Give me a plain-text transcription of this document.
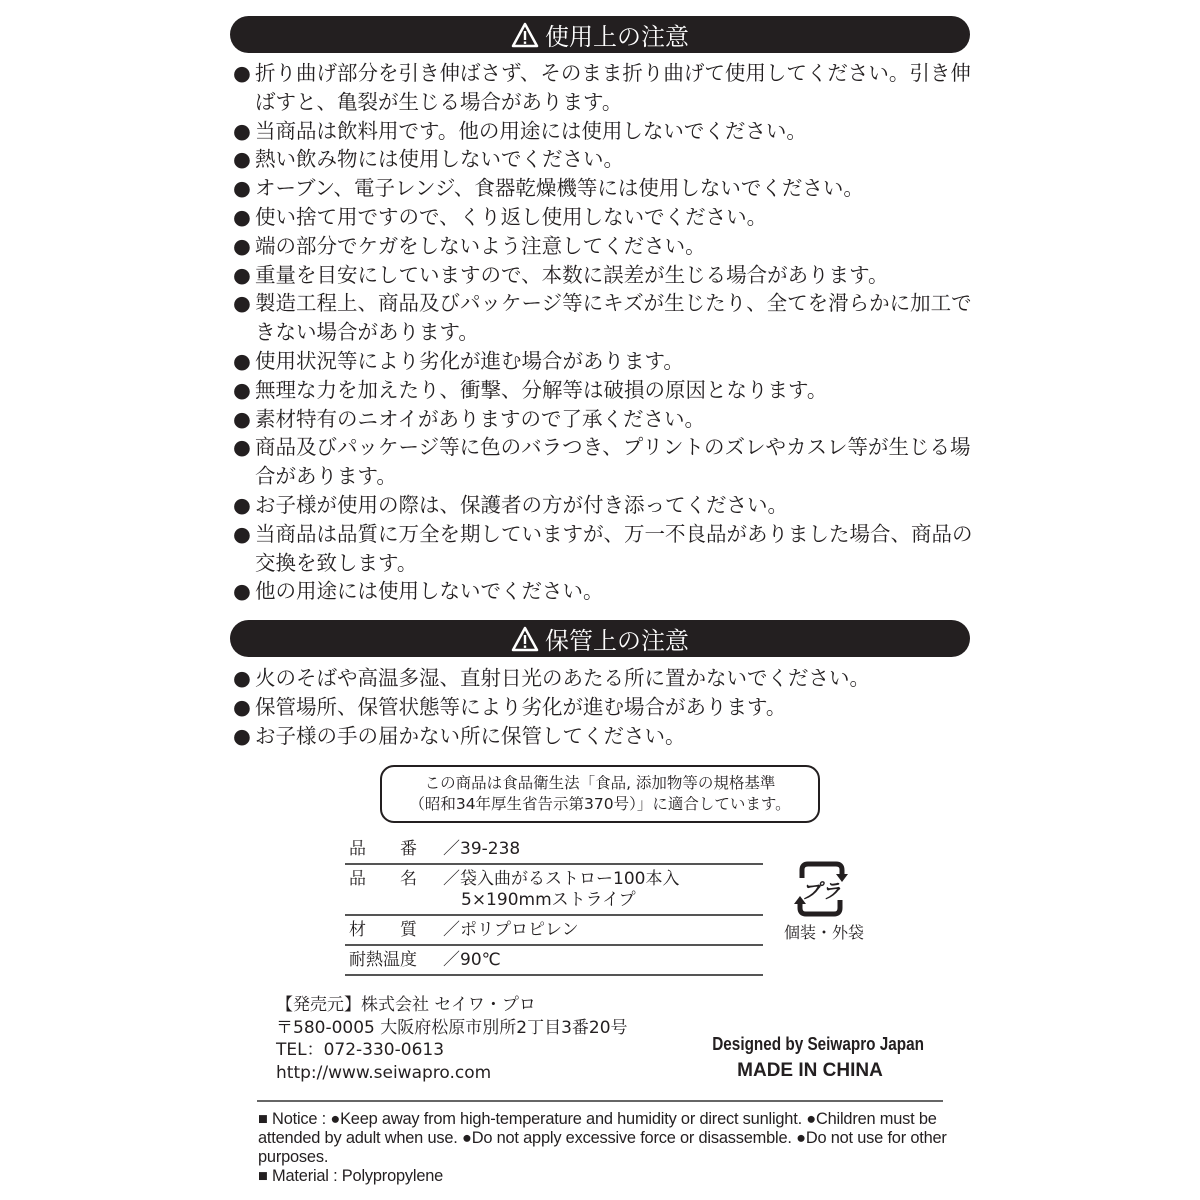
使用上の注意
● 折り曲げ部分を引き伸ばさず、そのまま折り曲げて使用してください。引き伸ばすと、亀裂が生じる場合があります。
● 当商品は飲料用です。他の用途には使用しないでください。
● 熱い飲み物には使用しないでください。
● オーブン、電子レンジ、食器乾燥機等には使用しないでください。
● 使い捨て用ですので、くり返し使用しないでください。
● 端の部分でケガをしないよう注意してください。
● 重量を目安にしていますので、本数に誤差が生じる場合があります。
● 製造工程上、商品及びパッケージ等にキズが生じたり、全てを滑らかに加工できない場合があります。
● 使用状況等により劣化が進む場合があります。
● 無理な力を加えたり、衝撃、分解等は破損の原因となります。
● 素材特有のニオイがありますので了承ください。
● 商品及びパッケージ等に色のバラつき、プリントのズレやカスレ等が生じる場合があります。
● お子様が使用の際は、保護者の方が付き添ってください。
● 当商品は品質に万全を期していますが、万一不良品がありました場合、商品の交換を致します。
● 他の用途には使用しないでください。
保管上の注意
● 火のそばや高温多湿、直射日光のあたる所に置かないでください。
● 保管場所、保管状態等により劣化が進む場合があります。
● お子様の手の届かない所に保管してください。
この商品は食品衛生法「食品, 添加物等の規格基準
（昭和34年厚生省告示第370号）」に適合しています。
品　　番	／39-238
品　　名	／袋入曲がるストロー100本入
5×190mmストライプ
材　　質	／ポリプロピレン
耐熱温度	／90℃
プラ
個装・外袋
【発売元】株式会社 セイワ・プロ
〒580-0005 大阪府松原市別所2丁目3番20号
TEL：072-330-0613
http://www.seiwapro.com
Designed by Seiwapro Japan
MADE IN CHINA
■ Notice : ●Keep away from high-temperature and humidity or direct sunlight. ●Children must be attended by adult when use. ●Do not apply excessive force or disassemble. ●Do not use for other purposes.
■ Material : Polypropylene
